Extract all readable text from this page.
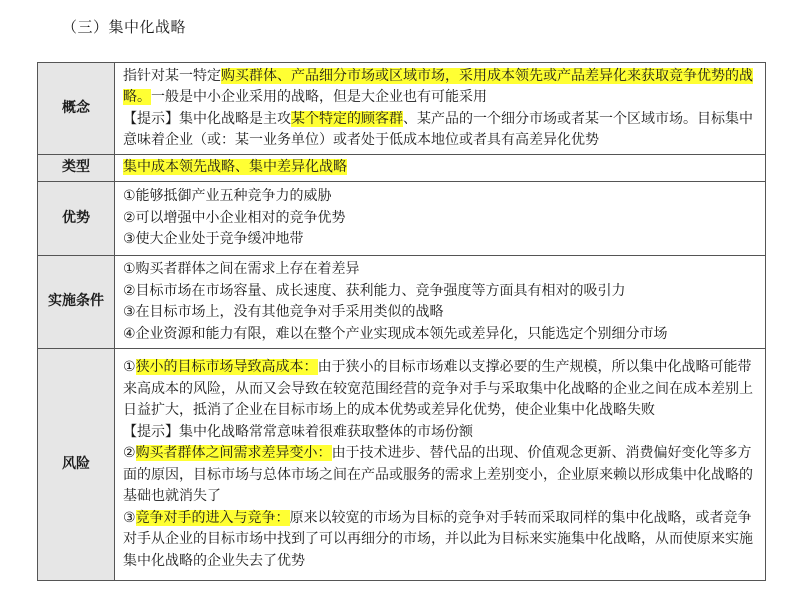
（三）集中化战略
概念	指针对某一特定购买群体、产品细分市场或区域市场，采用成本领先或产品差异化来获取竞争优势的战略。一般是中小企业采用的战略，但是大企业也有可能采用
【提示】集中化战略是主攻某个特定的顾客群、某产品的一个细分市场或者某一个区域市场。目标集中意味着企业（或：某一业务单位）或者处于低成本地位或者具有高差异化优势

类型	集中成本领先战略、集中差异化战略

优势	①能够抵御产业五种竞争力的威胁
②可以增强中小企业相对的竞争优势
③使大企业处于竞争缓冲地带

实施条件	①购买者群体之间在需求上存在着差异
②目标市场在市场容量、成长速度、获利能力、竞争强度等方面具有相对的吸引力
③在目标市场上，没有其他竞争对手采用类似的战略
④企业资源和能力有限，难以在整个产业实现成本领先或差异化，只能选定个别细分市场

风险	①狭小的目标市场导致高成本：由于狭小的目标市场难以支撑必要的生产规模，所以集中化战略可能带来高成本的风险，从而又会导致在较宽范围经营的竞争对手与采取集中化战略的企业之间在成本差别上日益扩大，抵消了企业在目标市场上的成本优势或差异化优势，使企业集中化战略失败
【提示】集中化战略常常意味着很难获取整体的市场份额
②购买者群体之间需求差异变小：由于技术进步、替代品的出现、价值观念更新、消费偏好变化等多方面的原因，目标市场与总体市场之间在产品或服务的需求上差别变小，企业原来赖以形成集中化战略的基础也就消失了
③竞争对手的进入与竞争：原来以较宽的市场为目标的竞争对手转而采取同样的集中化战略，或者竞争对手从企业的目标市场中找到了可以再细分的市场，并以此为目标来实施集中化战略，从而使原来实施集中化战略的企业失去了优势
